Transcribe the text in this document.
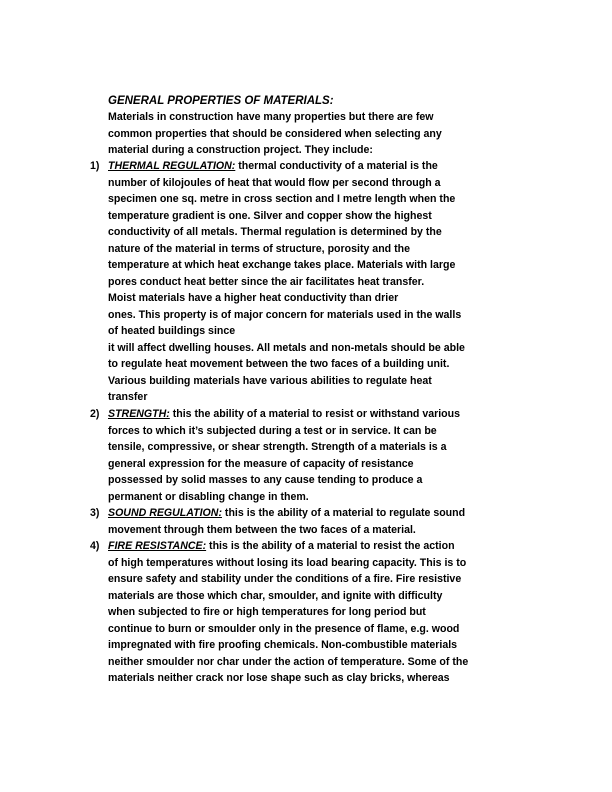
GENERAL PROPERTIES OF MATERIALS:
Materials in construction have many properties but there are few
common properties that should be considered when selecting any
material during a construction project. They include:
1) THERMAL REGULATION: thermal conductivity of a material is the
number of kilojoules of heat that would flow per second through a
specimen one sq. metre in cross section and I metre length when the
temperature gradient is one. Silver and copper show the highest
conductivity of all metals. Thermal regulation is determined by the
nature of the material in terms of structure, porosity and the
temperature at which heat exchange takes place. Materials with large
pores conduct heat better since the air facilitates heat transfer.
Moist materials have a higher heat conductivity than drier
ones. This property is of major concern for materials used in the walls
of heated buildings since
it will affect dwelling houses. All metals and non-metals should be able
to regulate heat movement between the two faces of a building unit.
Various building materials have various abilities to regulate heat
transfer
2) STRENGTH: this the ability of a material to resist or withstand various
forces to which it’s subjected during a test or in service. It can be
tensile, compressive, or shear strength. Strength of a materials is a
general expression for the measure of capacity of resistance
possessed by solid masses to any cause tending to produce a
permanent or disabling change in them.
3) SOUND REGULATION: this is the ability of a material to regulate sound
movement through them between the two faces of a material.
4) FIRE RESISTANCE: this is the ability of a material to resist the action
of high temperatures without losing its load bearing capacity. This is to
ensure safety and stability under the conditions of a fire. Fire resistive
materials are those which char, smoulder, and ignite with difficulty
when subjected to fire or high temperatures for long period but
continue to burn or smoulder only in the presence of flame, e.g. wood
impregnated with fire proofing chemicals. Non-combustible materials
neither smoulder nor char under the action of temperature. Some of the
materials neither crack nor lose shape such as clay bricks, whereas
